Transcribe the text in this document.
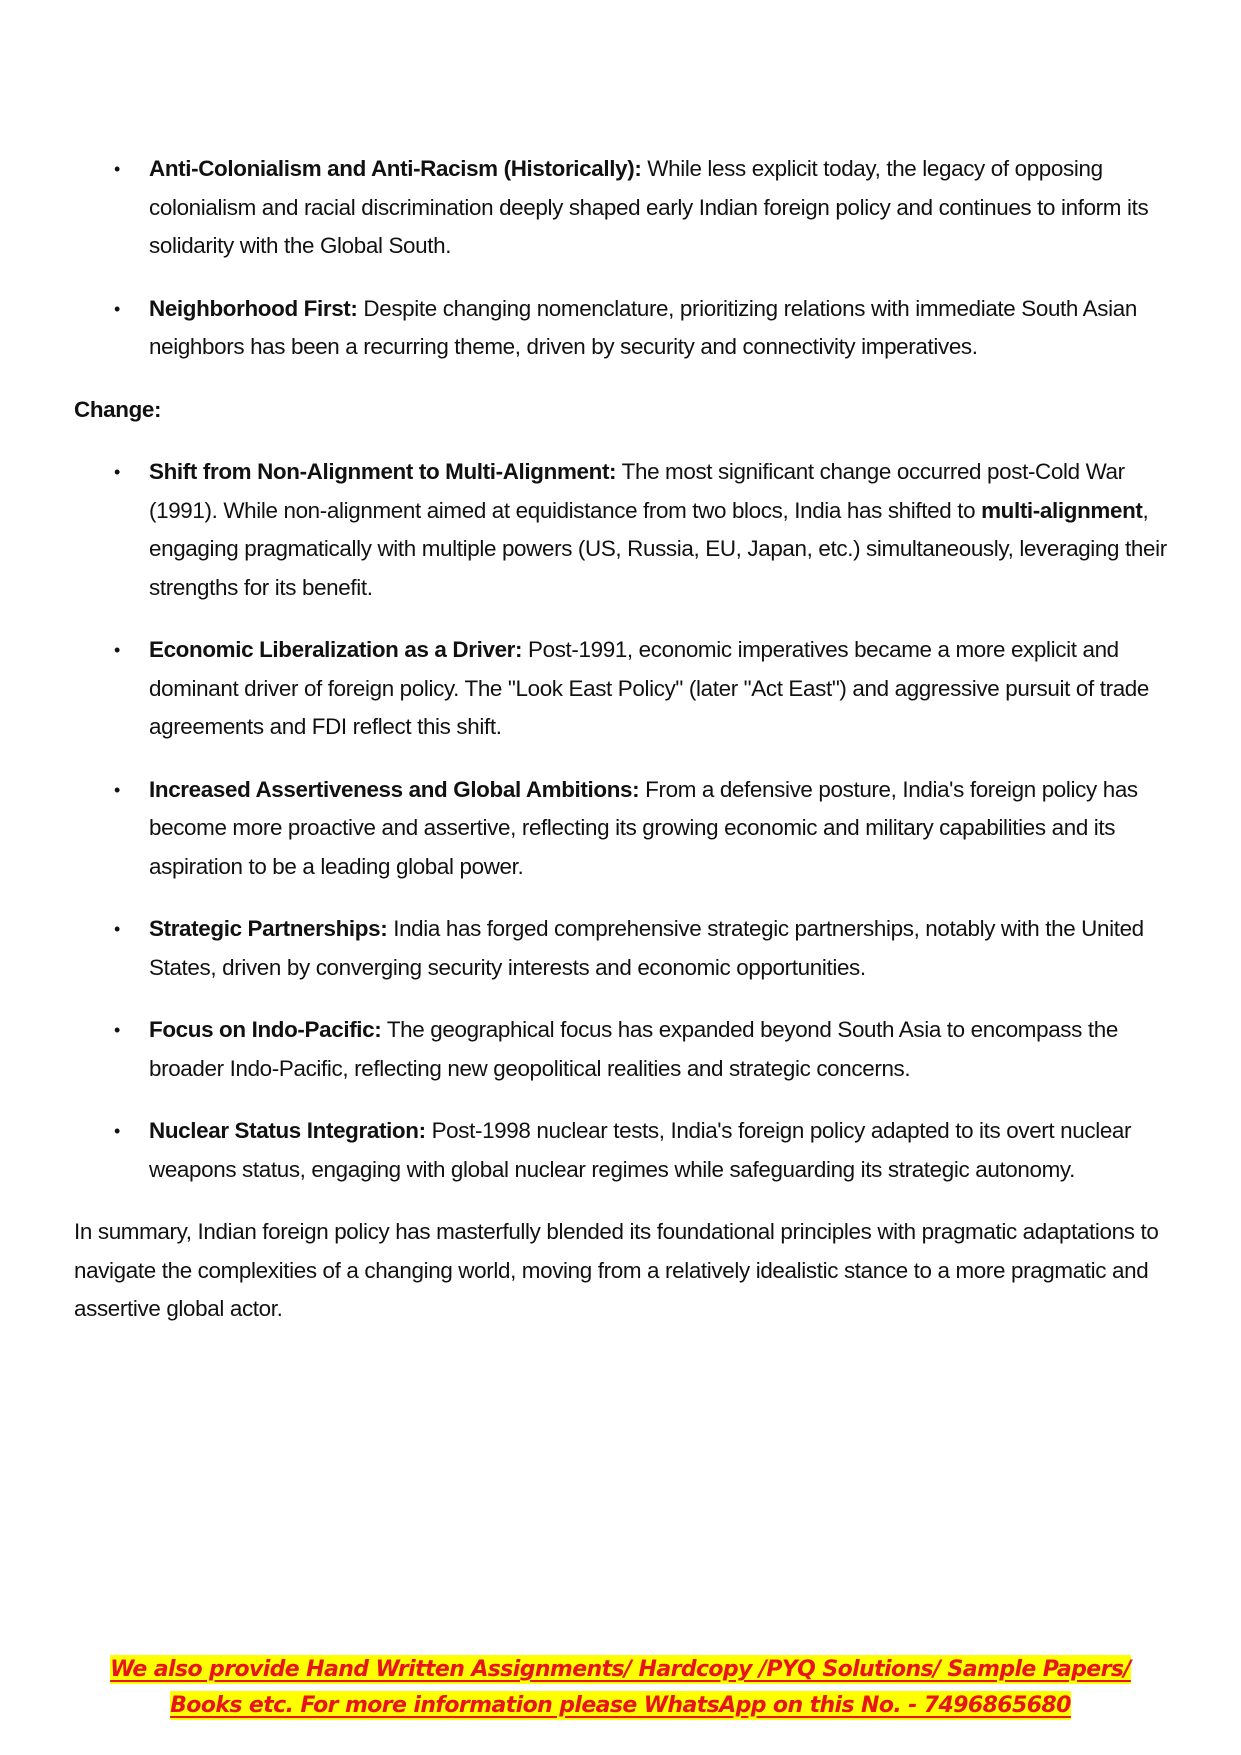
• Anti-Colonialism and Anti-Racism (Historically): While less explicit today, the legacy of opposing colonialism and racial discrimination deeply shaped early Indian foreign policy and continues to inform its solidarity with the Global South.
• Neighborhood First: Despite changing nomenclature, prioritizing relations with immediate South Asian neighbors has been a recurring theme, driven by security and connectivity imperatives.
Change:
• Shift from Non-Alignment to Multi-Alignment: The most significant change occurred post-Cold War (1991). While non-alignment aimed at equidistance from two blocs, India has shifted to multi-alignment, engaging pragmatically with multiple powers (US, Russia, EU, Japan, etc.) simultaneously, leveraging their strengths for its benefit.
• Economic Liberalization as a Driver: Post-1991, economic imperatives became a more explicit and dominant driver of foreign policy. The "Look East Policy" (later "Act East") and aggressive pursuit of trade agreements and FDI reflect this shift.
• Increased Assertiveness and Global Ambitions: From a defensive posture, India's foreign policy has become more proactive and assertive, reflecting its growing economic and military capabilities and its aspiration to be a leading global power.
• Strategic Partnerships: India has forged comprehensive strategic partnerships, notably with the United States, driven by converging security interests and economic opportunities.
• Focus on Indo-Pacific: The geographical focus has expanded beyond South Asia to encompass the broader Indo-Pacific, reflecting new geopolitical realities and strategic concerns.
• Nuclear Status Integration: Post-1998 nuclear tests, India's foreign policy adapted to its overt nuclear weapons status, engaging with global nuclear regimes while safeguarding its strategic autonomy.

In summary, Indian foreign policy has masterfully blended its foundational principles with pragmatic adaptations to navigate the complexities of a changing world, moving from a relatively idealistic stance to a more pragmatic and assertive global actor.

We also provide Hand Written Assignments/ Hardcopy /PYQ Solutions/ Sample Papers/
Books etc. For more information please WhatsApp on this No. - 7496865680
